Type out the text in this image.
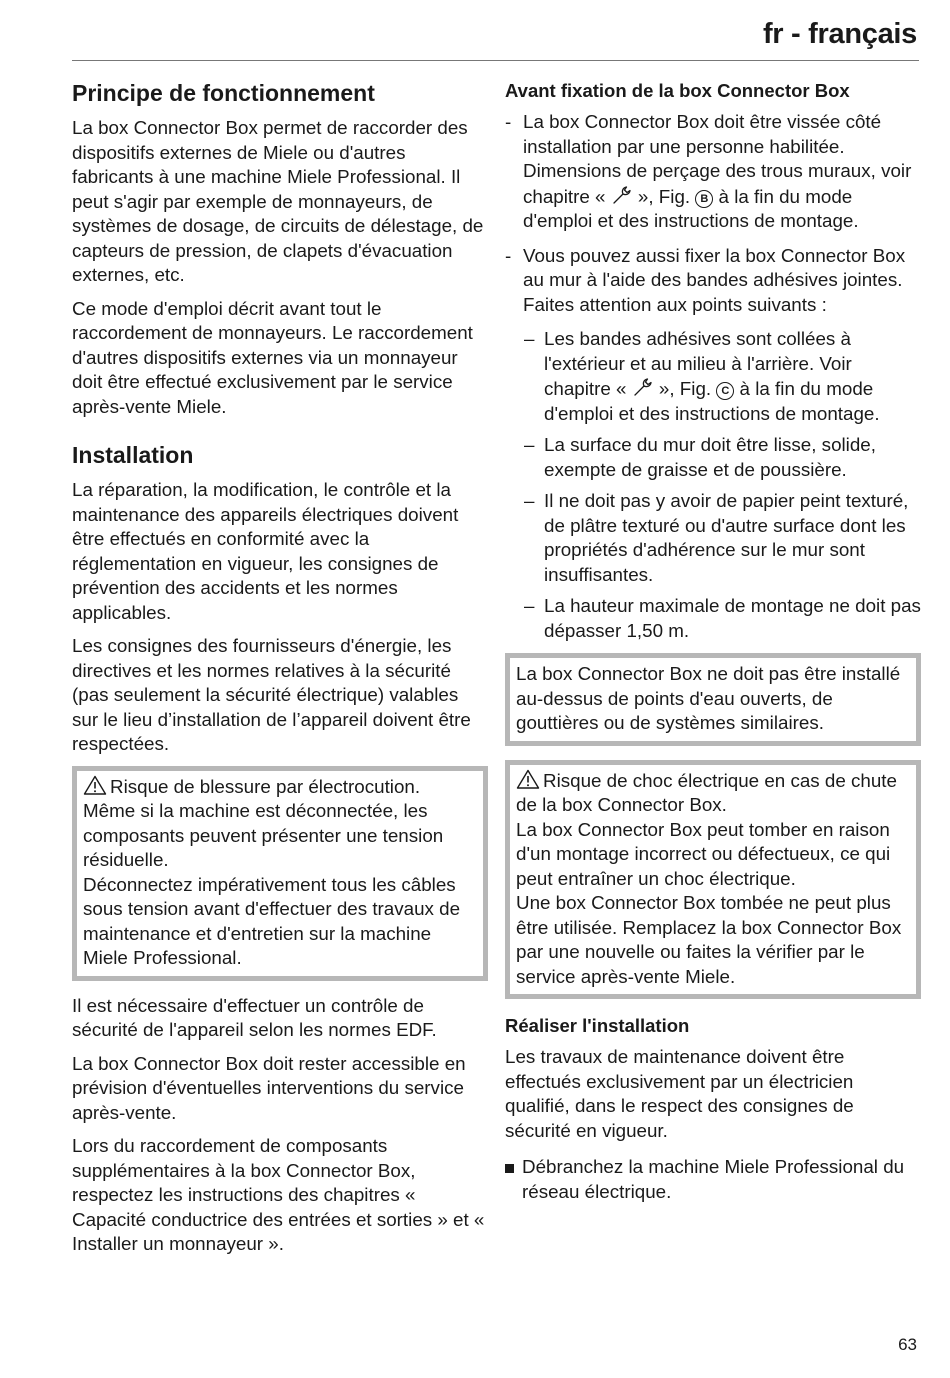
fr - français
Principe de fonctionnement

La box Connector Box permet de raccorder des dispositifs externes de Miele ou d'autres fabricants à une machine Miele Professional. Il peut s'agir par exemple de monnayeurs, de systèmes de dosage, de circuits de délestage, de capteurs de pression, de clapets d'évacuation externes, etc.

Ce mode d'emploi décrit avant tout le raccordement de monnayeurs. Le raccordement d'autres dispositifs externes via un monnayeur doit être effectué exclusivement par le service après-vente Miele.

Installation

La réparation, la modification, le contrôle et la maintenance des appareils électriques doivent être effectués en conformité avec la réglementation en vigueur, les consignes de prévention des accidents et les normes applicables.

Les consignes des fournisseurs d'énergie, les directives et les normes relatives à la sécurité (pas seulement la sécurité électrique) valables sur le lieu d’installation de l’appareil doivent être respectées.

Risque de blessure par électrocution.
Même si la machine est déconnectée, les composants peuvent présenter une tension résiduelle.
Déconnectez impérativement tous les câbles sous tension avant d'effectuer des travaux de maintenance et d'entretien sur la machine Miele Professional.

Il est nécessaire d'effectuer un contrôle de sécurité de l'appareil selon les normes EDF.

La box Connector Box doit rester accessible en prévision d'éventuelles interventions du service après-vente.

Lors du raccordement de composants supplémentaires à la box Connector Box, respectez les instructions des chapitres « Capacité conductrice des entrées et sorties » et « Installer un monnayeur ».

Avant fixation de la box Connector Box
- La box Connector Box doit être vissée côté installation par une personne habilitée. Dimensions de perçage des trous muraux, voir chapitre «  », Fig. B à la fin du mode d'emploi et des instructions de montage.
- Vous pouvez aussi fixer la box Connector Box au mur à l'aide des bandes adhésives jointes. Faites attention aux points suivants :
– Les bandes adhésives sont collées à l'extérieur et au milieu à l'arrière. Voir chapitre «  », Fig. C à la fin du mode d'emploi et des instructions de montage.
– La surface du mur doit être lisse, solide, exempte de graisse et de poussière.
– Il ne doit pas y avoir de papier peint texturé, de plâtre texturé ou d'autre surface dont les propriétés d'adhérence sur le mur sont insuffisantes.
– La hauteur maximale de montage ne doit pas dépasser 1,50 m.
La box Connector Box ne doit pas être installé au-dessus de points d'eau ouverts, de gouttières ou de systèmes similaires.
Risque de choc électrique en cas de chute de la box Connector Box.
La box Connector Box peut tomber en raison d'un montage incorrect ou défectueux, ce qui peut entraîner un choc électrique.
Une box Connector Box tombée ne peut plus être utilisée. Remplacez la box Connector Box par une nouvelle ou faites la vérifier par le service après-vente Miele.
Réaliser l'installation

Les travaux de maintenance doivent être effectués exclusivement par un électricien qualifié, dans le respect des consignes de sécurité en vigueur.

Débranchez la machine Miele Professional du réseau électrique.
63
